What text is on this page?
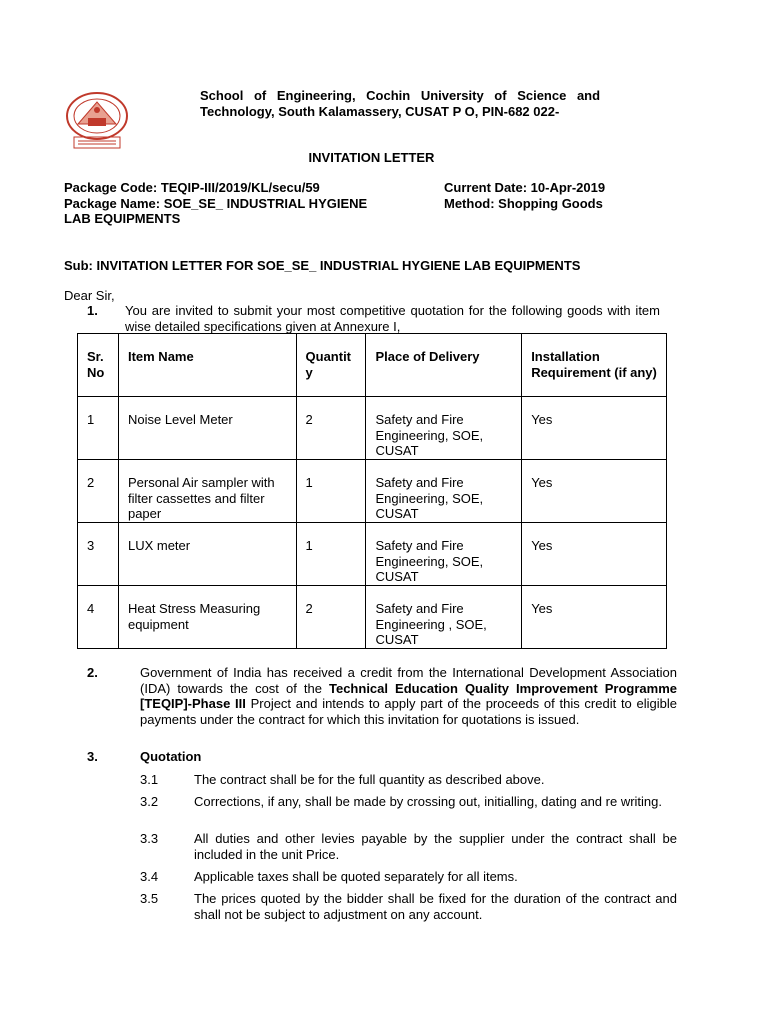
School of Engineering, Cochin University of Science and
Technology, South Kalamassery, CUSAT P O, PIN-682 022-
INVITATION LETTER
Package Code: TEQIP-III/2019/KL/secu/59
Package Name: SOE_SE_ INDUSTRIAL HYGIENE
LAB EQUIPMENTS
Current Date: 10-Apr-2019
Method: Shopping Goods
Sub: INVITATION LETTER FOR SOE_SE_ INDUSTRIAL HYGIENE LAB EQUIPMENTS
Dear Sir,
1. You are invited to submit your most competitive quotation for the following goods with item wise detailed specifications given at Annexure I,
Sr. No	Item Name	Quantit y	Place of Delivery	Installation Requirement (if any)
1	Noise Level Meter	2	Safety and Fire Engineering, SOE, CUSAT	Yes
2	Personal Air sampler with filter cassettes and filter paper	1	Safety and Fire Engineering, SOE, CUSAT	Yes
3	LUX meter	1	Safety and Fire Engineering, SOE, CUSAT	Yes
4	Heat Stress Measuring equipment	2	Safety and Fire Engineering , SOE, CUSAT	Yes
2.	Government of India has received a credit from the International Development Association (IDA) towards the cost of the Technical Education Quality Improvement Programme [TEQIP]-Phase III Project and intends to apply part of the proceeds of this credit to eligible payments under the contract for which this invitation for quotations is issued.
3.	Quotation
3.1	The contract shall be for the full quantity as described above.
3.2	Corrections, if any, shall be made by crossing out, initialling, dating and re writing.
3.3	All duties and other levies payable by the supplier under the contract shall be included in the unit Price.
3.4	Applicable taxes shall be quoted separately for all items.
3.5	The prices quoted by the bidder shall be fixed for the duration of the contract and shall not be subject to adjustment on any account.
